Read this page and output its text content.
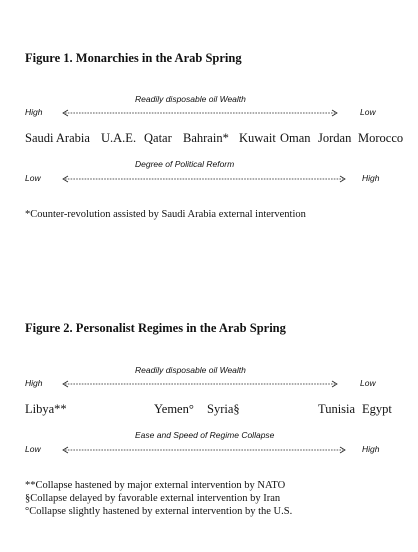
Figure 1. Monarchies in the Arab Spring
Readily disposable oil Wealth
High	Low
Saudi Arabia U.A.E. Qatar Bahrain* Kuwait Oman Jordan Morocco
Degree of Political Reform
Low	High
*Counter-revolution assisted by Saudi Arabia external intervention
Figure 2. Personalist Regimes in the Arab Spring
Readily disposable oil Wealth
High	Low
Libya**	Yemen° Syria§	Tunisia Egypt
Ease and Speed of Regime Collapse
Low	High
**Collapse hastened by major external intervention by NATO
§Collapse delayed by favorable external intervention by Iran
°Collapse slightly hastened by external intervention by the U.S.
